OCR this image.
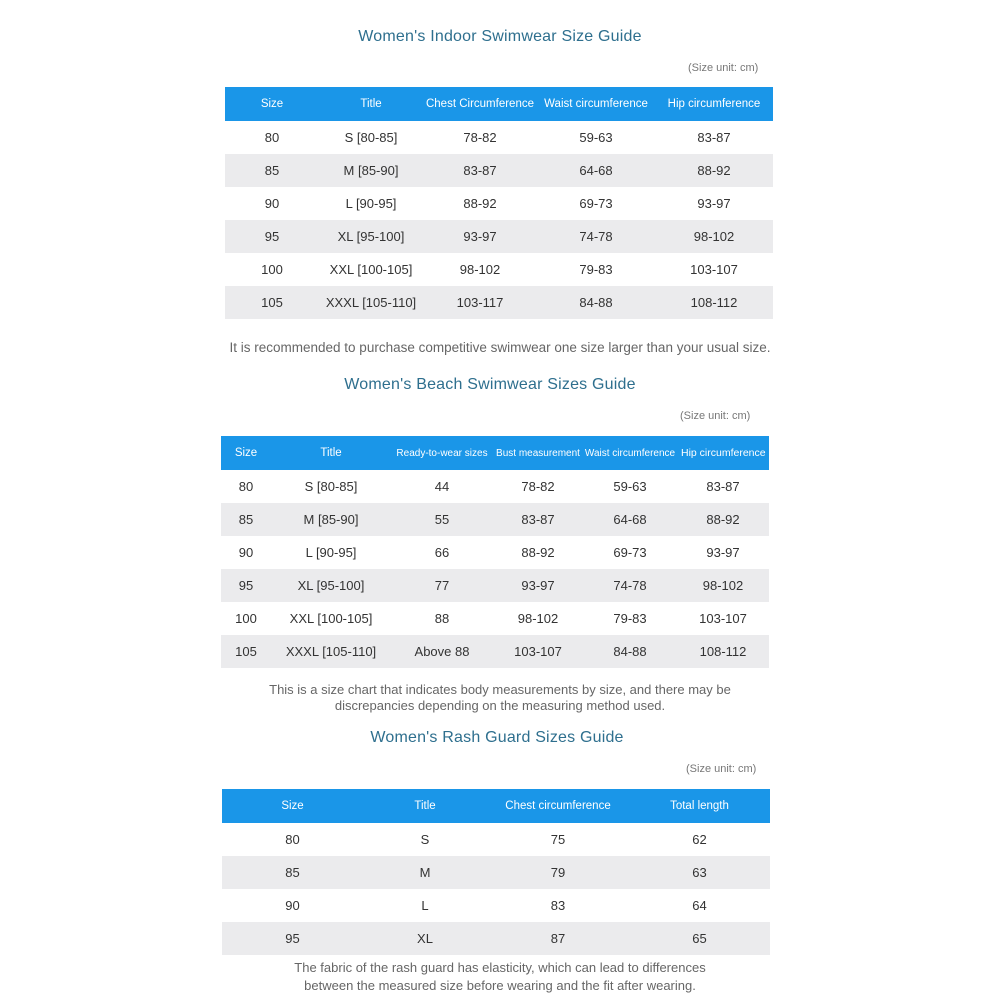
Women's Indoor Swimwear Size Guide
(Size unit: cm)
Size	Title	Chest Circumference	Waist circumference	Hip circumference
80	S [80-85]	78-82	59-63	83-87
85	M [85-90]	83-87	64-68	88-92
90	L [90-95]	88-92	69-73	93-97
95	XL [95-100]	93-97	74-78	98-102
100	XXL [100-105]	98-102	79-83	103-107
105	XXXL [105-110]	103-117	84-88	108-112
It is recommended to purchase competitive swimwear one size larger than your usual size.
Women's Beach Swimwear Sizes Guide
(Size unit: cm)
Size	Title	Ready-to-wear sizes	Bust measurement	Waist circumference	Hip circumference
80	S [80-85]	44	78-82	59-63	83-87
85	M [85-90]	55	83-87	64-68	88-92
90	L [90-95]	66	88-92	69-73	93-97
95	XL [95-100]	77	93-97	74-78	98-102
100	XXL [100-105]	88	98-102	79-83	103-107
105	XXXL [105-110]	Above 88	103-107	84-88	108-112
This is a size chart that indicates body measurements by size, and there may be
discrepancies depending on the measuring method used.
Women's Rash Guard Sizes Guide
(Size unit: cm)
Size	Title	Chest circumference	Total length
80	S	75	62
85	M	79	63
90	L	83	64
95	XL	87	65
The fabric of the rash guard has elasticity, which can lead to differences
between the measured size before wearing and the fit after wearing.
